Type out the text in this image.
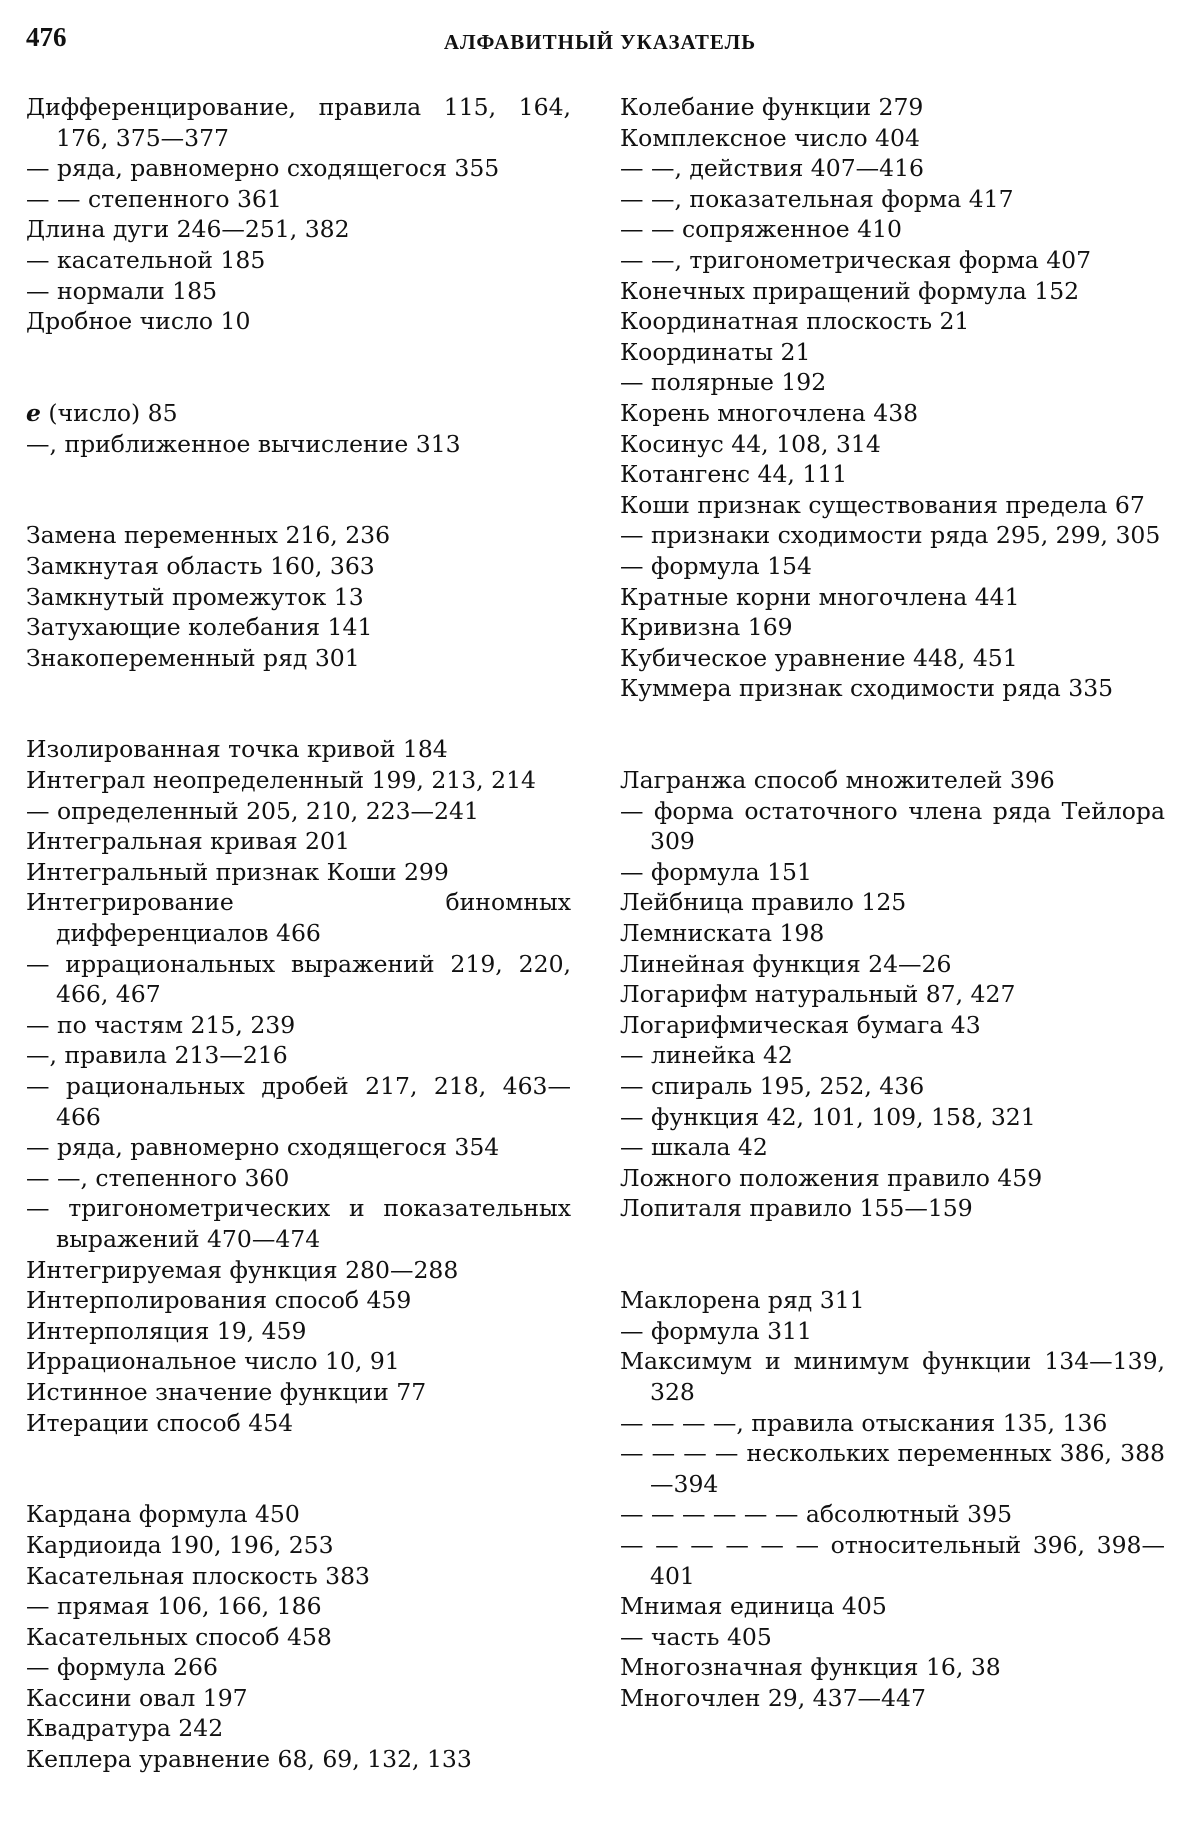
476	АЛФАВИТНЫЙ УКАЗАТЕЛЬ
Дифференцирование, правила 115, 164, 176, 375—377
— ряда, равномерно сходящегося 355
— — степенного 361
Длина дуги 246—251, 382
— касательной 185
— нормали 185
Дробное число 10
e (число) 85
—, приближенное вычисление 313
Замена переменных 216, 236
Замкнутая область 160, 363
Замкнутый промежуток 13
Затухающие колебания 141
Знакопеременный ряд 301
Изолированная точка кривой 184
Интеграл неопределенный 199, 213, 214
— определенный 205, 210, 223—241
Интегральная кривая 201
Интегральный признак Коши 299
Интегрирование биномных дифференциалов 466
— иррациональных выражений 219, 220, 466, 467
— по частям 215, 239
—, правила 213—216
— рациональных дробей 217, 218, 463—466
— ряда, равномерно сходящегося 354
— —, степенного 360
— тригонометрических и показательных выражений 470—474
Интегрируемая функция 280—288
Интерполирования способ 459
Интерполяция 19, 459
Иррациональное число 10, 91
Истинное значение функции 77
Итерации способ 454
Кардана формула 450
Кардиоида 190, 196, 253
Касательная плоскость 383
— прямая 106, 166, 186
Касательных способ 458
— формула 266
Кассини овал 197
Квадратура 242
Кеплера уравнение 68, 69, 132, 133
Колебание функции 279
Комплексное число 404
— —, действия 407—416
— —, показательная форма 417
— — сопряженное 410
— —, тригонометрическая форма 407
Конечных приращений формула 152
Координатная плоскость 21
Координаты 21
— полярные 192
Корень многочлена 438
Косинус 44, 108, 314
Котангенс 44, 111
Коши признак существования предела 67
— признаки сходимости ряда 295, 299, 305
— формула 154
Кратные корни многочлена 441
Кривизна 169
Кубическое уравнение 448, 451
Куммера признак сходимости ряда 335
Лагранжа способ множителей 396
— форма остаточного члена ряда Тейлора 309
— формула 151
Лейбница правило 125
Лемниската 198
Линейная функция 24—26
Логарифм натуральный 87, 427
Логарифмическая бумага 43
— линейка 42
— спираль 195, 252, 436
— функция 42, 101, 109, 158, 321
— шкала 42
Ложного положения правило 459
Лопиталя правило 155—159
Маклорена ряд 311
— формула 311
Максимум и минимум функции 134—139, 328
— — — —, правила отыскания 135, 136
— — — — нескольких переменных 386, 388—394
— — — — — — абсолютный 395
— — — — — — относительный 396, 398—401
Мнимая единица 405
— часть 405
Многозначная функция 16, 38
Многочлен 29, 437—447
